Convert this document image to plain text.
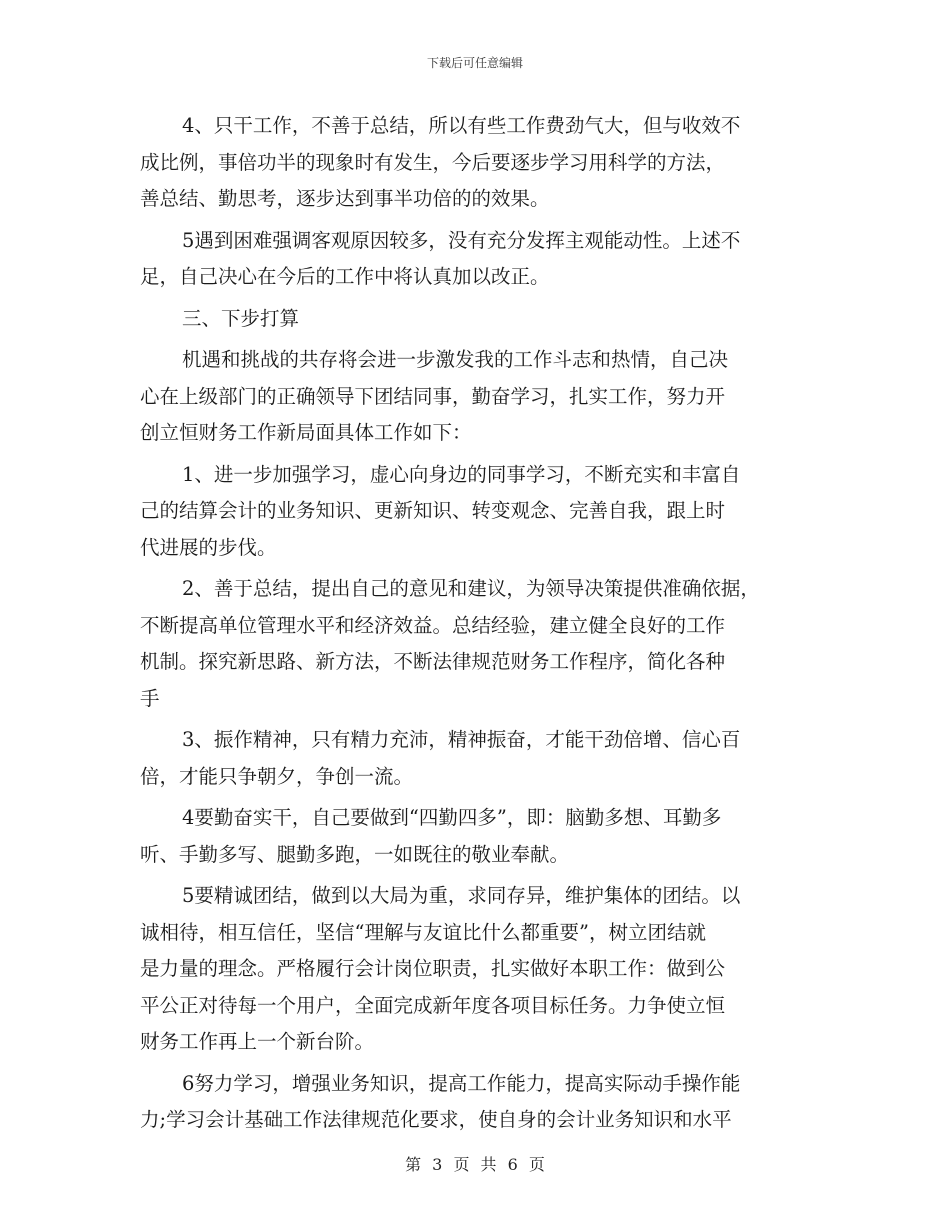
下载后可任意编辑
4、只干工作，不善于总结，所以有些工作费劲气大，但与收效不
成比例，事倍功半的现象时有发生，今后要逐步学习用科学的方法，
善总结、勤思考，逐步达到事半功倍的的效果。
5遇到困难强调客观原因较多，没有充分发挥主观能动性。上述不
足，自己决心在今后的工作中将认真加以改正。
三、下步打算
机遇和挑战的共存将会进一步激发我的工作斗志和热情，自己决
心在上级部门的正确领导下团结同事，勤奋学习，扎实工作，努力开
创立恒财务工作新局面具体工作如下：
1、进一步加强学习，虚心向身边的同事学习，不断充实和丰富自
己的结算会计的业务知识、更新知识、转变观念、完善自我，跟上时
代进展的步伐。
2、善于总结，提出自己的意见和建议，为领导决策提供准确依据，
不断提高单位管理水平和经济效益。总结经验，建立健全良好的工作
机制。探究新思路、新方法，不断法律规范财务工作程序，简化各种
手
3、振作精神，只有精力充沛，精神振奋，才能干劲倍增、信心百
倍，才能只争朝夕，争创一流。
4要勤奋实干，自己要做到“四勤四多”，即：脑勤多想、耳勤多
听、手勤多写、腿勤多跑，一如既往的敬业奉献。
5要精诚团结，做到以大局为重，求同存异，维护集体的团结。以
诚相待，相互信任，坚信“理解与友谊比什么都重要”，树立团结就
是力量的理念。严格履行会计岗位职责，扎实做好本职工作：做到公
平公正对待每一个用户，全面完成新年度各项目标任务。力争使立恒
财务工作再上一个新台阶。
6努力学习，增强业务知识，提高工作能力，提高实际动手操作能
力;学习会计基础工作法律规范化要求，使自身的会计业务知识和水平
第 3 页 共 6 页
